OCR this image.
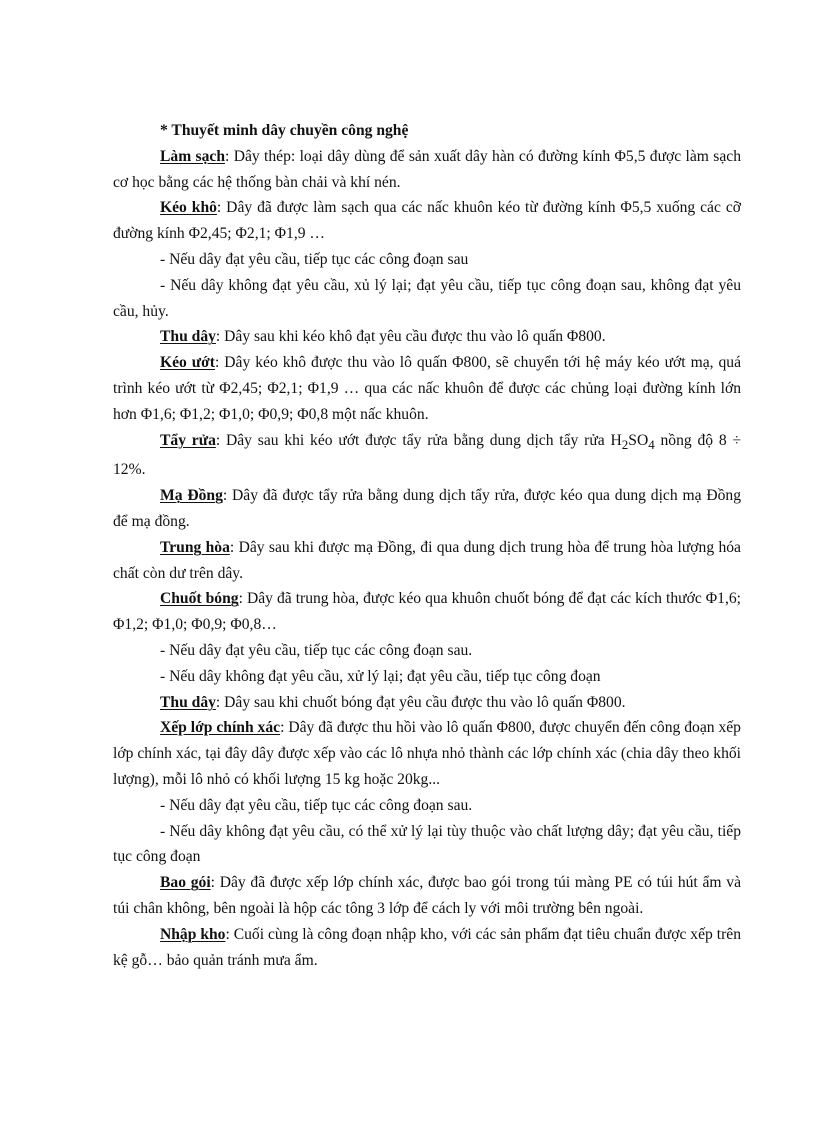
* Thuyết minh dây chuyền công nghệ

Làm sạch: Dây thép: loại dây dùng để sản xuất dây hàn có đường kính Φ5,5 được làm sạch cơ học bằng các hệ thống bàn chải và khí nén.

Kéo khô: Dây đã được làm sạch qua các nấc khuôn kéo từ đường kính Φ5,5 xuống các cỡ đường kính Φ2,45; Φ2,1; Φ1,9 …

- Nếu dây đạt yêu cầu, tiếp tục các công đoạn sau

- Nếu dây không đạt yêu cầu, xủ lý lại; đạt yêu cầu, tiếp tục công đoạn sau, không đạt yêu cầu, hủy.

Thu dây: Dây sau khi kéo khô đạt yêu cầu được thu vào lô quấn Φ800.

Kéo ướt: Dây kéo khô được thu vào lô quấn Φ800, sẽ chuyển tới hệ máy kéo ướt mạ, quá trình kéo ướt từ Φ2,45; Φ2,1; Φ1,9 … qua các nấc khuôn để được các chủng loại đường kính lớn hơn Φ1,6; Φ1,2; Φ1,0; Φ0,9; Φ0,8 một nấc khuôn.

Tẩy rửa: Dây sau khi kéo ướt được tẩy rửa bằng dung dịch tẩy rửa $H_2SO_4$ nồng độ 8 ÷ 12%.

Mạ Đồng: Dây đã được tẩy rửa bằng dung dịch tẩy rửa, được kéo qua dung dịch mạ Đồng để mạ đồng.

Trung hòa: Dây sau khi được mạ Đồng, đi qua dung dịch trung hòa để trung hòa lượng hóa chất còn dư trên dây.

Chuốt bóng: Dây đã trung hòa, được kéo qua khuôn chuốt bóng để đạt các kích thước Φ1,6; Φ1,2; Φ1,0; Φ0,9; Φ0,8…

- Nếu dây đạt yêu cầu, tiếp tục các công đoạn sau.

- Nếu dây không đạt yêu cầu, xử lý lại; đạt yêu cầu, tiếp tục công đoạn

Thu dây: Dây sau khi chuốt bóng đạt yêu cầu được thu vào lô quấn Φ800.

Xếp lớp chính xác: Dây đã được thu hồi vào lô quấn Φ800, được chuyển đến công đoạn xếp lớp chính xác, tại đây dây được xếp vào các lô nhựa nhỏ thành các lớp chính xác (chia dây theo khối lượng), mỗi lô nhỏ có khối lượng 15 kg hoặc 20kg...

- Nếu dây đạt yêu cầu, tiếp tục các công đoạn sau.

- Nếu dây không đạt yêu cầu, có thể xử lý lại tùy thuộc vào chất lượng dây; đạt yêu cầu, tiếp tục công đoạn

Bao gói: Dây đã được xếp lớp chính xác, được bao gói trong túi màng PE có túi hút ẩm và túi chân không, bên ngoài là hộp các tông 3 lớp để cách ly với môi trường bên ngoài.

Nhập kho: Cuối cùng là công đoạn nhập kho, với các sản phẩm đạt tiêu chuẩn được xếp trên kệ gỗ… bảo quản tránh mưa ẩm.
